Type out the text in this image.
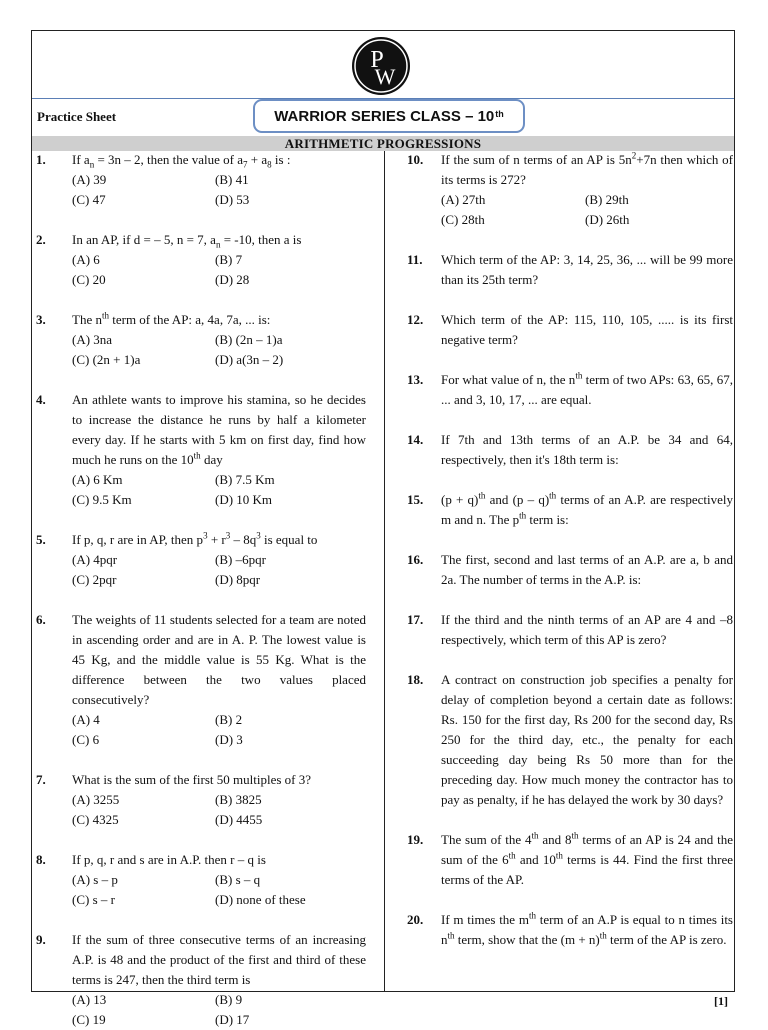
P
W
Practice Sheet	WARRIOR SERIES CLASS – 10th
ARITHMETIC PROGRESSIONS
1. If $a_n = 3n - 2$, then the value of $a_7 + a_8$ is :
(A) 39	(B) 41
(C) 47	(D) 53
2. In an AP, if d = – 5, n = 7, $a_n = -10$, then a is
(A) 6	(B) 7
(C) 20	(D) 28
3. The $n^{th}$ term of the AP: a, 4a, 7a, ... is:
(A) 3na	(B) (2n – 1)a
(C) (2n + 1)a	(D) a(3n – 2)
4. An athlete wants to improve his stamina, so he decides to increase the distance he runs by half a kilometer every day. If he starts with 5 km on first day, find how much he runs on the 10th day
(A) 6 Km	(B) 7.5 Km
(C) 9.5 Km	(D) 10 Km
5. If p, q, r are in AP, then $p^3 + r^3 - 8q^3$ is equal to
(A) 4pqr	(B) –6pqr
(C) 2pqr	(D) 8pqr
6. The weights of 11 students selected for a team are noted in ascending order and are in A. P. The lowest value is 45 Kg, and the middle value is 55 Kg. What is the difference between the two values placed consecutively?
(A) 4	(B) 2
(C) 6	(D) 3
7. What is the sum of the first 50 multiples of 3?
(A) 3255	(B) 3825
(C) 4325	(D) 4455
8. If p, q, r and s are in A.P. then r – q is
(A) s – p	(B) s – q
(C) s – r	(D) none of these
9. If the sum of three consecutive terms of an increasing A.P. is 48 and the product of the first and third of these terms is 247, then the third term is
(A) 13	(B) 9
(C) 19	(D) 17
10. If the sum of n terms of an AP is $5n^2+7n$ then which of its terms is 272?
(A) 27th	(B) 29th
(C) 28th	(D) 26th
11. Which term of the AP: 3, 14, 25, 36, ... will be 99 more than its 25th term?
12. Which term of the AP: 115, 110, 105, ..... is its first negative term?
13. For what value of n, the $n^{th}$ term of two APs: 63, 65, 67, ... and 3, 10, 17, ... are equal.
14. If 7th and 13th terms of an A.P. be 34 and 64, respectively, then it's 18th term is:
15. $(p + q)^{th}$ and (p – q)$^{th}$ terms of an A.P. are respectively m and n. The $p^{th}$ term is:
16. The first, second and last terms of an A.P. are a, b and 2a. The number of terms in the A.P. is:
17. If the third and the ninth terms of an AP are 4 and –8 respectively, which term of this AP is zero?
18. A contract on construction job specifies a penalty for delay of completion beyond a certain date as follows: Rs. 150 for the first day, Rs 200 for the second day, Rs 250 for the third day, etc., the penalty for each succeeding day being Rs 50 more than for the preceding day. How much money the contractor has to pay as penalty, if he has delayed the work by 30 days?
19. The sum of the 4th and 8th terms of an AP is 24 and the sum of the 6th and 10th terms is 44. Find the first three terms of the AP.
20. If m times the $m^{th}$ term of an A.P is equal to n times its $n^{th}$ term, show that the $(m + n)^{th}$ term of the AP is zero.
[1]
